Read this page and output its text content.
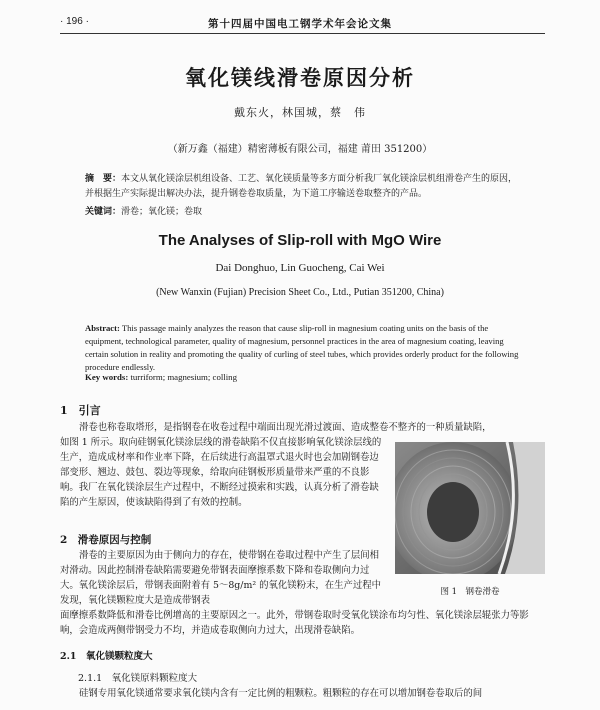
· 196 ·	第十四届中国电工钢学术年会论文集
氧化镁线滑卷原因分析
戴东火，林国城，蔡　伟
（新万鑫（福建）精密薄板有限公司，福建 莆田 351200）
摘　要：本文从氧化镁涂层机组设备、工艺、氧化镁质量等多方面分析我厂氧化镁涂层机组滑卷产生的原因，并根据生产实际提出解决办法，提升钢卷卷取质量，为下道工序输送卷取整齐的产品。
关键词：滑卷；氧化镁；卷取
The Analyses of Slip-roll with MgO Wire
Dai Donghuo, Lin Guocheng, Cai Wei
(New Wanxin (Fujian) Precision Sheet Co., Ltd., Putian 351200, China)
Abstract: This passage mainly analyzes the reason that cause slip-roll in magnesium coating units on the basis of the equipment, technological parameter, quality of magnesium, personnel practices in the area of magnesium coating, leaving certain solution in reality and promoting the quality of curling of steel tubes, which provides orderly product for the following procedure endlessly.
Key words: turriform; magnesium; colling
1　引言
滑卷也称卷取塔形，是指钢卷在收卷过程中端面出现光滑过渡面、造成整卷不整齐的一种质量缺陷，
如图 1 所示。取向硅钢氧化镁涂层线的滑卷缺陷不仅直接影响氧化镁涂层线的生产，造成成材率和作业率下降，在后续进行高温罩式退火时也会加剧钢卷边部变形、翘边、鼓包、裂边等现象，给取向硅钢板形质量带来严重的不良影响。我厂在氧化镁涂层生产过程中，不断经过摸索和实践，认真分析了滑卷缺陷的产生原因，使该缺陷得到了有效的控制。
图 1　钢卷滑卷
2　滑卷原因与控制
滑卷的主要原因为由于侧向力的存在，使带钢在卷取过程中产生了层间相对滑动。因此控制滑卷缺陷需要避免带钢表面摩擦系数下降和卷取侧向力过大。氧化镁涂层后，带钢表面附着有 5～8g/m² 的氧化镁粉末，在生产过程中发现，氧化镁颗粒度大是造成带钢表
面摩擦系数降低和滑卷比例增高的主要原因之一。此外，带钢卷取时受氧化镁涂布均匀性、氧化镁涂层辊张力等影响，会造成两侧带钢受力不均，并造成卷取侧向力过大，出现滑卷缺陷。
2.1　氧化镁颗粒度大
2.1.1　氧化镁原料颗粒度大
硅钢专用氧化镁通常要求氧化镁内含有一定比例的粗颗粒。粗颗粒的存在可以增加钢卷卷取后的间
